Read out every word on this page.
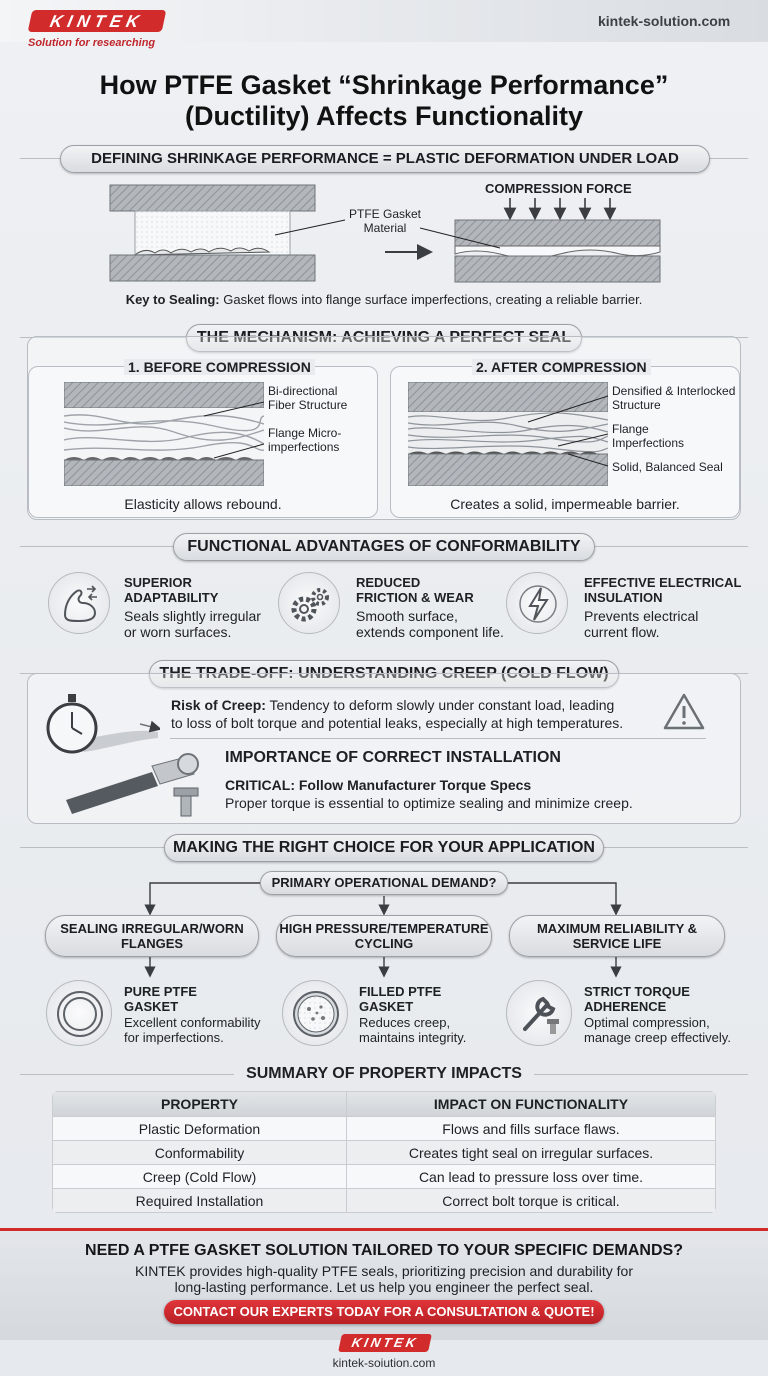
KINTEK
Solution for researching
kintek-solution.com
How PTFE Gasket “Shrinkage Performance”
(Ductility) Affects Functionality
DEFINING SHRINKAGE PERFORMANCE = PLASTIC DEFORMATION UNDER LOAD
COMPRESSION FORCE
PTFE Gasket Material
Key to Sealing: Gasket flows into flange surface imperfections, creating a reliable barrier.
THE MECHANISM: ACHIEVING A PERFECT SEAL
1. BEFORE COMPRESSION
Bi-directional Fiber Structure
Flange Micro-imperfections
Elasticity allows rebound.
2. AFTER COMPRESSION
Densified & Interlocked Structure
Flange Imperfections
Solid, Balanced Seal
Creates a solid, impermeable barrier.
FUNCTIONAL ADVANTAGES OF CONFORMABILITY
SUPERIOR
ADAPTABILITY
Seals slightly irregular
or worn surfaces.
REDUCED
FRICTION & WEAR
Smooth surface,
extends component life.
EFFECTIVE ELECTRICAL
INSULATION
Prevents electrical
current flow.
THE TRADE-OFF: UNDERSTANDING CREEP (COLD FLOW)
Risk of Creep: Tendency to deform slowly under constant load, leading
to loss of bolt torque and potential leaks, especially at high temperatures.
IMPORTANCE OF CORRECT INSTALLATION
CRITICAL: Follow Manufacturer Torque Specs
Proper torque is essential to optimize sealing and minimize creep.
MAKING THE RIGHT CHOICE FOR YOUR APPLICATION
PRIMARY OPERATIONAL DEMAND?
SEALING IRREGULAR/WORN
FLANGES
HIGH PRESSURE/TEMPERATURE
CYCLING
MAXIMUM RELIABILITY &
SERVICE LIFE
PURE PTFE
GASKET
Excellent conformability
for imperfections.
FILLED PTFE
GASKET
Reduces creep,
maintains integrity.
STRICT TORQUE
ADHERENCE
Optimal compression,
manage creep effectively.
SUMMARY OF PROPERTY IMPACTS
PROPERTY	IMPACT ON FUNCTIONALITY
Plastic Deformation	Flows and fills surface flaws.
Conformability	Creates tight seal on irregular surfaces.
Creep (Cold Flow)	Can lead to pressure loss over time.
Required Installation	Correct bolt torque is critical.
NEED A PTFE GASKET SOLUTION TAILORED TO YOUR SPECIFIC DEMANDS?
KINTEK provides high-quality PTFE seals, prioritizing precision and durability for
long-lasting performance. Let us help you engineer the perfect seal.
CONTACT OUR EXPERTS TODAY FOR A CONSULTATION & QUOTE!
KINTEK
kintek-soiution.com
